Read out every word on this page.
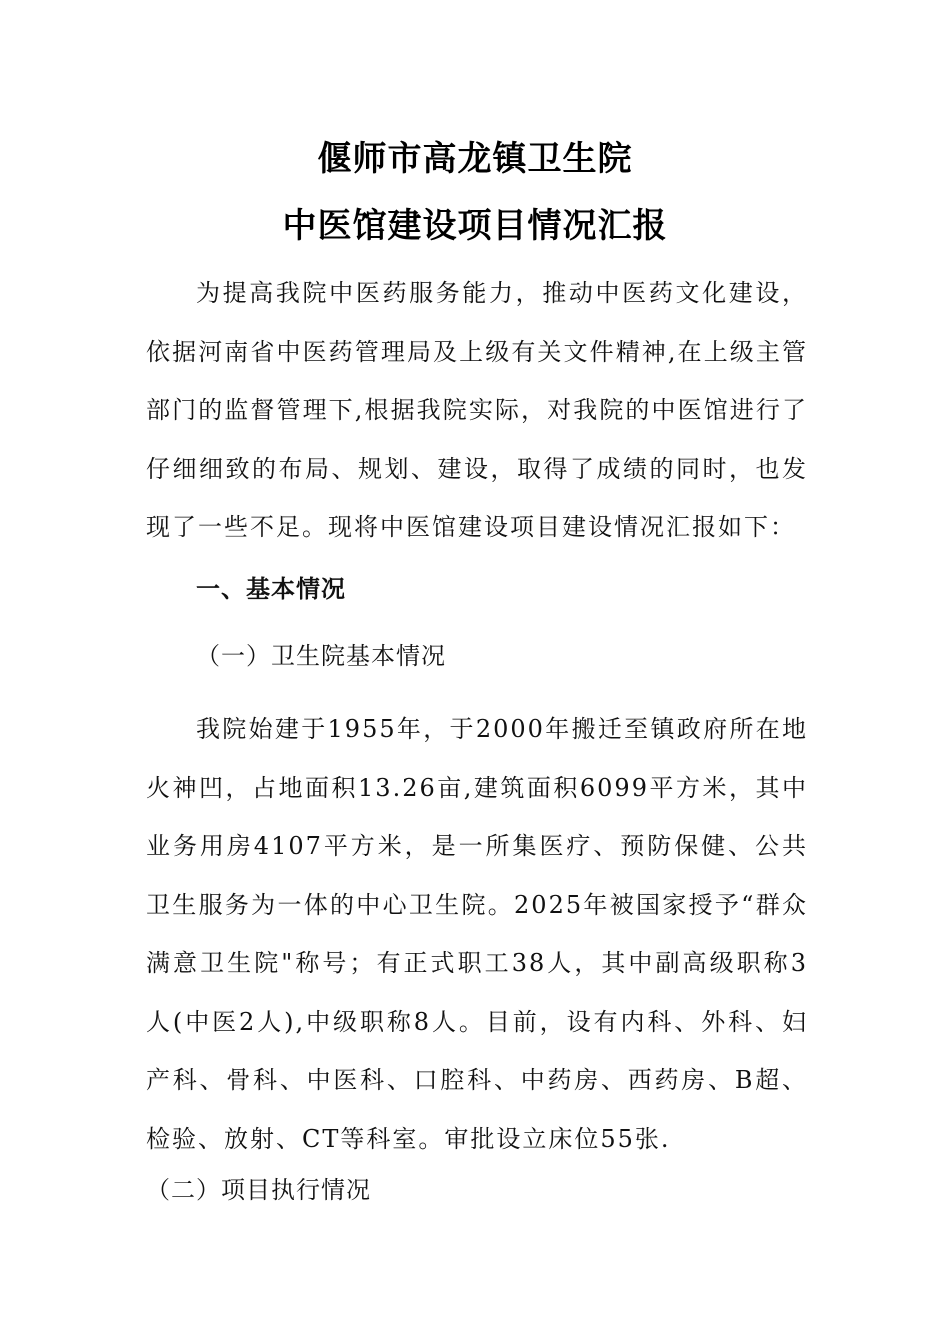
偃师市高龙镇卫生院
中医馆建设项目情况汇报

为提高我院中医药服务能力，推动中医药文化建设，依据河南省中医药管理局及上级有关文件精神,在上级主管部门的监督管理下,根据我院实际，对我院的中医馆进行了仔细细致的布局、规划、建设，取得了成绩的同时，也发现了一些不足。现将中医馆建设项目建设情况汇报如下：

一、基本情况
（一）卫生院基本情况

我院始建于1955年，于2000年搬迁至镇政府所在地火神凹，占地面积13.26亩,建筑面积6099平方米，其中业务用房4107平方米，是一所集医疗、预防保健、公共卫生服务为一体的中心卫生院。2025年被国家授予“群众满意卫生院"称号；有正式职工38人，其中副高级职称3人(中医2人),中级职称8人。目前，设有内科、外科、妇产科、骨科、中医科、口腔科、中药房、西药房、B超、检验、放射、CT等科室。审批设立床位55张.

（二）项目执行情况
